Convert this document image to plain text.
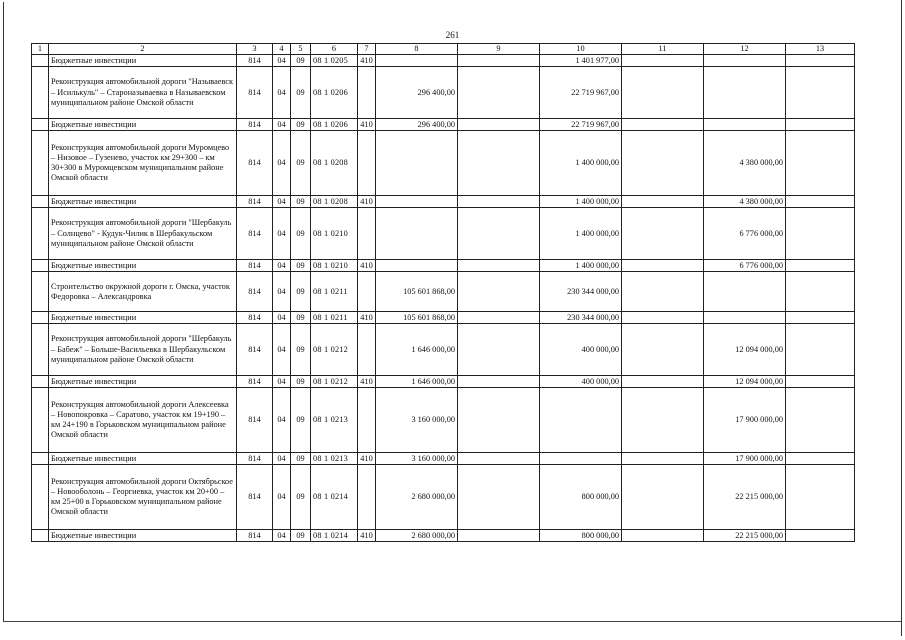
261
1	2	3	4	5	6	7	8	9	10	11	12	13
	Бюджетные инвестиции	814	04	09	08 1 0205	410			1 401 977,00			
	Реконструкция автомобильной дороги "Называевск – Исилькуль" – Староназываевка в Называевском муниципальном районе Омской области	814	04	09	08 1 0206		296 400,00		22 719 967,00			
	Бюджетные инвестиции	814	04	09	08 1 0206	410	296 400,00		22 719 967,00			
	Реконструкция автомобильной дороги Муромцево – Низовое – Гузенево, участок км 29+300 – км 30+300 в Муромцевском муниципальном районе Омской области	814	04	09	08 1 0208				1 400 000,00		4 380 000,00	
	Бюджетные инвестиции	814	04	09	08 1 0208	410			1 400 000,00		4 380 000,00	
	Реконструкция автомобильной дороги "Шербакуль – Солнцево" - Кудук-Чилик в Шербакульском муниципальном районе Омской области	814	04	09	08 1 0210				1 400 000,00		6 776 000,00	
	Бюджетные инвестиции	814	04	09	08 1 0210	410			1 400 000,00		6 776 000,00	
	Строительство окружной дороги г. Омска, участок Федоровка – Александровка	814	04	09	08 1 0211		105 601 868,00		230 344 000,00			
	Бюджетные инвестиции	814	04	09	08 1 0211	410	105 601 868,00		230 344 000,00			
	Реконструкция автомобильной дороги "Шербакуль – Бабеж" – Больше-Васильевка в Шербакульском муниципальном районе Омской области	814	04	09	08 1 0212		1 646 000,00		400 000,00		12 094 000,00	
	Бюджетные инвестиции	814	04	09	08 1 0212	410	1 646 000,00		400 000,00		12 094 000,00	
	Реконструкция автомобильной дороги Алексеевка – Новопокровка – Саратово, участок км 19+190 – км 24+190 в Горьковском муниципальном районе Омской области	814	04	09	08 1 0213		3 160 000,00				17 900 000,00	
	Бюджетные инвестиции	814	04	09	08 1 0213	410	3 160 000,00				17 900 000,00	
	Реконструкция автомобильной дороги Октябрьское – Новооболонь – Георгиевка, участок км 20+00 – км 25+00 в Горьковском муниципальном районе Омской области	814	04	09	08 1 0214		2 680 000,00		800 000,00		22 215 000,00	
	Бюджетные инвестиции	814	04	09	08 1 0214	410	2 680 000,00		800 000,00		22 215 000,00	
